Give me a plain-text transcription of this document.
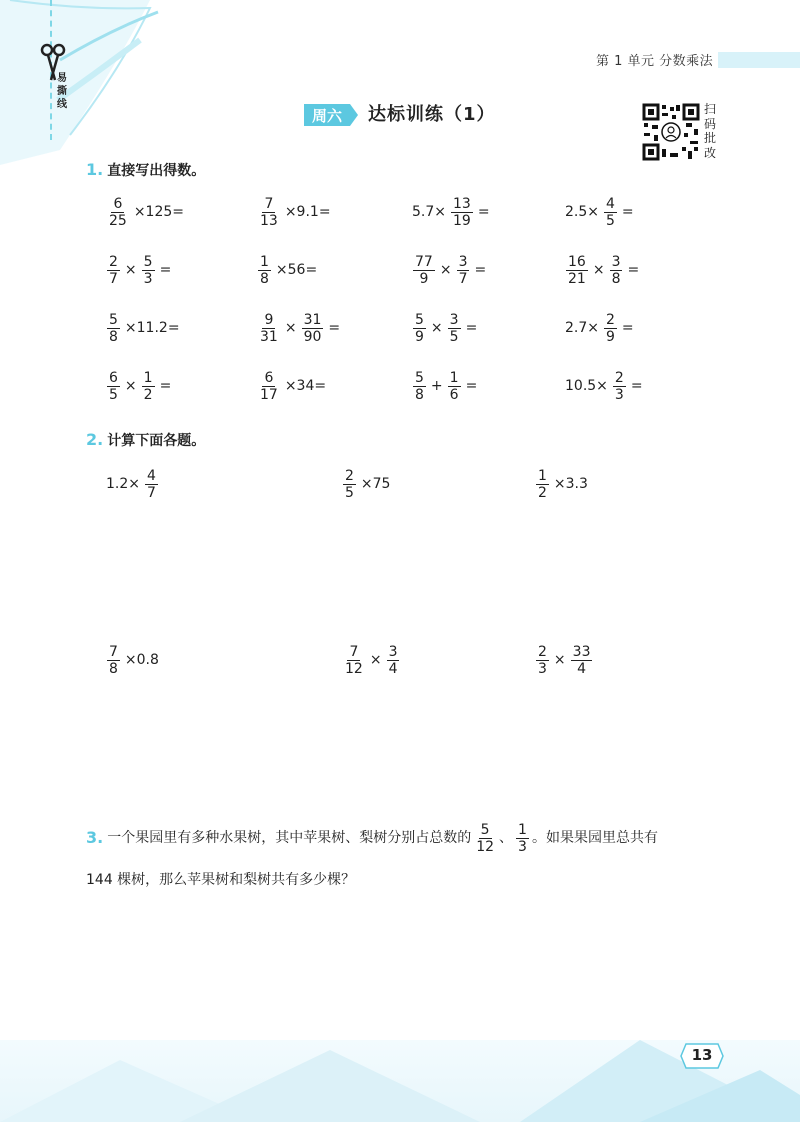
易撕线
第 1 单元 分数乘法
周六 达标训练（1）	扫码批改
1. 直接写出得数。
$\frac{6}{25} \times 125=$	$\frac{7}{13} \times 9.1=$	$5.7\times \frac{13}{19}$ =	$2.5\times \frac{4}{5}$ =
$\frac{2}{7} \times \frac{5}{3}$ =	$\frac{1}{8} \times 56=$	$\frac{77}{9} \times \frac{3}{7}$ =	$\frac{16}{21} \times \frac{3}{8}$ =
$\frac{5}{8} \times 11.2=$	$\frac{9}{31} \times \frac{31}{90}$ =	$\frac{5}{9} \times \frac{3}{5}$ =	$2.7\times \frac{2}{9}$ =
$\frac{6}{5} \times \frac{1}{2}$ =	$\frac{6}{17} \times 34=$	$\frac{5}{8} + \frac{1}{6}$ =	$10.5\times \frac{2}{3}$ =
2. 计算下面各题。
$1.2\times \frac{4}{7}$	$\frac{2}{5} \times 75$	$\frac{1}{2} \times 3.3$
$\frac{7}{8} \times 0.8$	$\frac{7}{12} \times \frac{3}{4}$	$\frac{2}{3} \times \frac{33}{4}$
3. 一个果园里有多种水果树，其中苹果树、梨树分别占总数的 $\frac{5}{12}$ 、 $\frac{1}{3}$ 。如果果园里总共有
144 棵树，那么苹果树和梨树共有多少棵？
13
